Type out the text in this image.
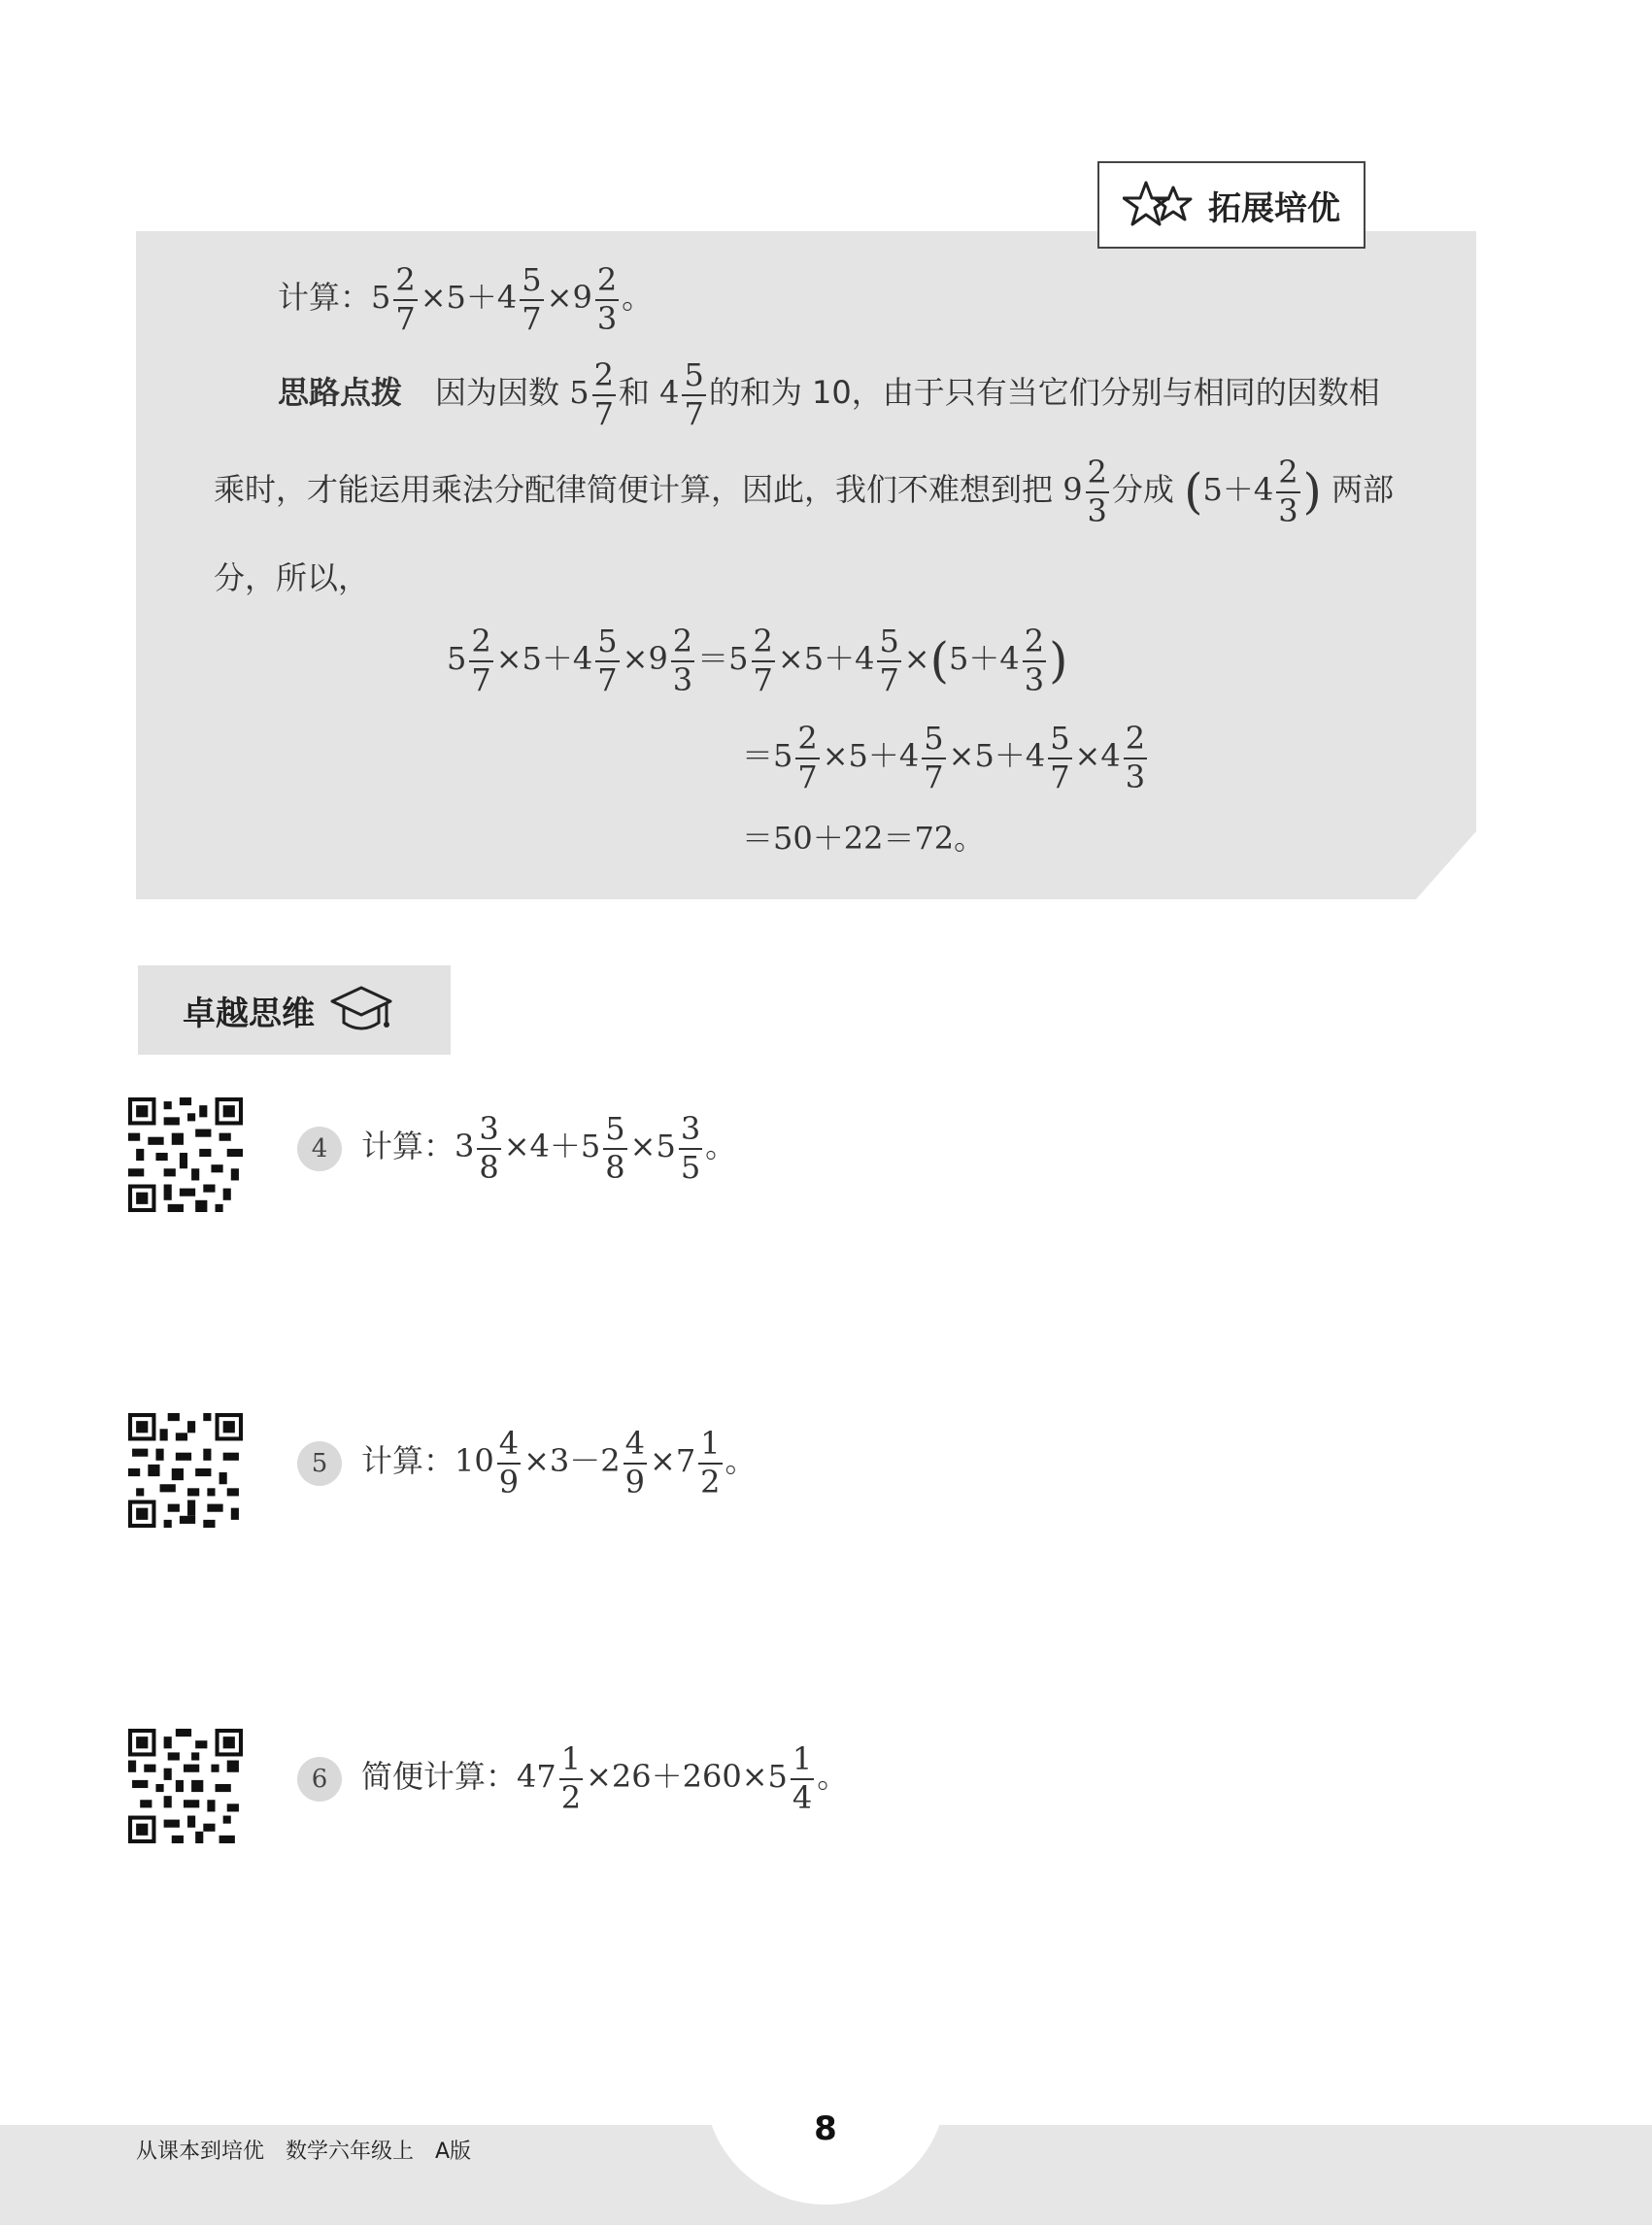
拓展培优
计算：$5 \frac{2}{7} \times 5+4 \frac{5}{7} \times 9 \frac{2}{3}$ 。
思路点拨 因为因数 $5 \frac{2}{7}$ 和 $4 \frac{5}{7}$ 的和为 10，由于只有当它们分别与相同的因数相
乘时，才能运用乘法分配律简便计算，因此，我们不难想到把 $9 \frac{2}{3}$ 分成 ($5+4 \frac{2}{3}$ ) 两部
分，所以，
$5 \frac{2}{7} \times 5+4 \frac{5}{7} \times 9 \frac{2}{3} =5 \frac{2}{7} \times 5+4 \frac{5}{7} \times(5+4 \frac{2}{3}$ )
$=5 \frac{2}{7} \times 5+4 \frac{5}{7} \times 5+4 \frac{5}{7} \times 4 \frac{2}{3}$
＝50＋22＝72。
卓越思维
4	计算：$3 \frac{3}{8} \times 4+5 \frac{5}{8} \times 5 \frac{3}{5}$ 。
5	计算：$10 \frac{4}{9} \times 3-2 \frac{4}{9} \times 7 \frac{1}{2}$ 。
6	简便计算：$47 \frac{1}{2} \times 26+260\times 5 \frac{1}{4}$ 。
从课本到培优　数学六年级上　A版
8
